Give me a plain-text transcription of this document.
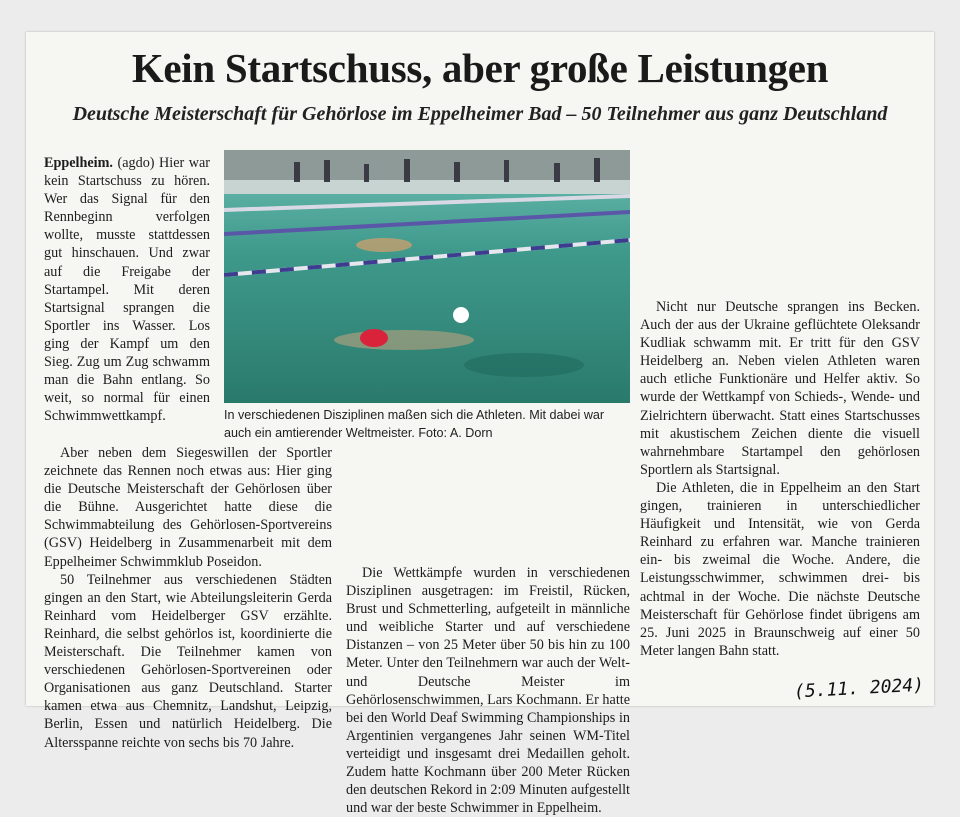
Kein Startschuss, aber große Leistungen
Deutsche Meisterschaft für Gehörlose im Eppelheimer Bad – 50 Teilnehmer aus ganz Deutschland

Eppelheim. (agdo) Hier war kein Startschuss zu hören. Wer das Signal für den Rennbeginn verfolgen wollte, musste stattdessen gut hinschauen. Und zwar auf die Freigabe der Startampel. Mit deren Startsignal sprangen die Sportler ins Wasser. Los ging der Kampf um den Sieg. Zug um Zug schwamm man die Bahn entlang. So weit, so normal für einen Schwimmwettkampf.

Aber neben dem Siegeswillen der Sportler zeichnete das Rennen noch etwas aus: Hier ging die Deutsche Meisterschaft der Gehörlosen über die Bühne. Ausgerichtet hatte diese die Schwimmabteilung des Gehörlosen-Sportvereins (GSV) Heidelberg in Zusammenarbeit mit dem Eppelheimer Schwimmklub Poseidon.

50 Teilnehmer aus verschiedenen Städten gingen an den Start, wie Abteilungsleiterin Gerda Reinhard vom Heidelberger GSV erzählte. Reinhard, die selbst gehörlos ist, koordinierte die Meisterschaft. Die Teilnehmer kamen von verschiedenen Gehörlosen-Sportvereinen oder Organisationen aus ganz Deutschland. Starter kamen etwa aus Chemnitz, Landshut, Leipzig, Berlin, Essen und natürlich Heidelberg. Die Altersspanne reichte von sechs bis 70 Jahre.

Die Wettkämpfe wurden in verschiedenen Disziplinen ausgetragen: im Freistil, Rücken, Brust und Schmetterling, aufgeteilt in männliche und weibliche Starter und auf verschiedene Distanzen – von 25 Meter über 50 bis hin zu 100 Meter. Unter den Teilnehmern war auch der Welt- und Deutsche Meister im Gehörlosenschwimmen, Lars Kochmann. Er hatte bei den World Deaf Swimming Championships in Argentinien vergangenes Jahr seinen WM-Titel verteidigt und insgesamt drei Medaillen geholt. Zudem hatte Kochmann über 200 Meter Rücken den deutschen Rekord in 2:09 Minuten aufgestellt und war der beste Schwimmer in Eppelheim.

Nicht nur Deutsche sprangen ins Becken. Auch der aus der Ukraine geflüchtete Oleksandr Kudliak schwamm mit. Er tritt für den GSV Heidelberg an. Neben vielen Athleten waren auch etliche Funktionäre und Helfer aktiv. So wurde der Wettkampf von Schieds-, Wende- und Zielrichtern überwacht. Statt eines Startschusses mit akustischem Zeichen diente die visuell wahrnehmbare Startampel den gehörlosen Sportlern als Startsignal.

Die Athleten, die in Eppelheim an den Start gingen, trainieren in unterschiedlicher Häufigkeit und Intensität, wie von Gerda Reinhard zu erfahren war. Manche trainieren ein- bis zweimal die Woche. Andere, die Leistungsschwimmer, schwimmen drei- bis achtmal in der Woche. Die nächste Deutsche Meisterschaft für Gehörlose findet übrigens am 25. Juni 2025 in Braunschweig auf einer 50 Meter langen Bahn statt.

In verschiedenen Disziplinen maßen sich die Athleten. Mit dabei war auch ein amtierender Weltmeister. Foto: A. Dorn
(5.11. 2024)
